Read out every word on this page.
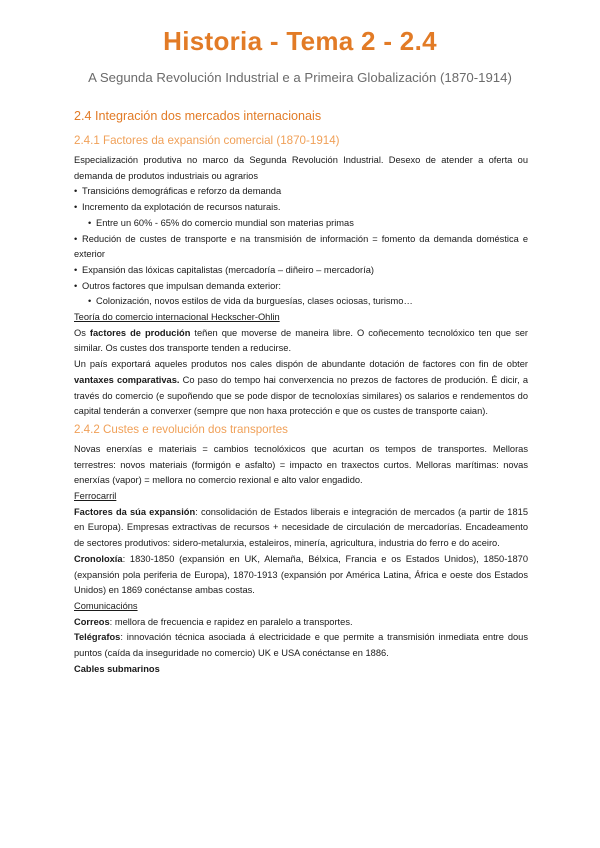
Historia - Tema 2 - 2.4
A Segunda Revolución Industrial e a Primeira Globalización (1870-1914)
2.4 Integración dos mercados internacionais
2.4.1 Factores da expansión comercial (1870-1914)

Especialización produtiva no marco da Segunda Revolución Industrial. Desexo de atender a oferta ou demanda de produtos industriais ou agrarios

• Transicións demográficas e reforzo da demanda
• Incremento da explotación de recursos naturais.
• Entre un 60% - 65% do comercio mundial son materias primas
• Redución de custes de transporte e na transmisión de información = fomento da demanda doméstica e exterior
• Expansión das lóxicas capitalistas (mercadoría – diñeiro – mercadoría)
• Outros factores que impulsan demanda exterior:
• Colonización, novos estilos de vida da burguesías, clases ociosas, turismo…

Teoría do comercio internacional Heckscher-Ohlin

Os factores de produción teñen que moverse de maneira libre. O coñecemento tecnolóxico ten que ser similar. Os custes dos transporte tenden a reducirse.

Un país exportará aqueles produtos nos cales dispón de abundante dotación de factores con fin de obter vantaxes comparativas. Co paso do tempo hai converxencia no prezos de factores de produción. É dicir, a través do comercio (e supoñendo que se pode dispor de tecnoloxías similares) os salarios e rendementos do capital tenderán a converxer (sempre que non haxa protección e que os custes de transporte caian).

2.4.2 Custes e revolución dos transportes

Novas enerxías e materiais = cambios tecnolóxicos que acurtan os tempos de transportes. Melloras terrestres: novos materiais (formigón e asfalto) = impacto en traxectos curtos. Melloras marítimas: novas enerxías (vapor) = mellora no comercio rexional e alto valor engadido.

Ferrocarril

Factores da súa expansión: consolidación de Estados liberais e integración de mercados (a partir de 1815 en Europa). Empresas extractivas de recursos + necesidade de circulación de mercadorías. Encadeamento de sectores produtivos: sidero-metalurxia, estaleiros, minería, agricultura, industria do ferro e do aceiro.

Cronoloxía: 1830-1850 (expansión en UK, Alemaña, Bélxica, Francia e os Estados Unidos), 1850-1870 (expansión pola periferia de Europa), 1870-1913 (expansión por América Latina, África e oeste dos Estados Unidos) en 1869 conéctanse ambas costas.

Comunicacións

Correos: mellora de frecuencia e rapidez en paralelo a transportes.

Telégrafos: innovación técnica asociada á electricidade e que permite a transmisión inmediata entre dous puntos (caída da inseguridade no comercio) UK e USA conéctanse en 1886.

Cables submarinos
